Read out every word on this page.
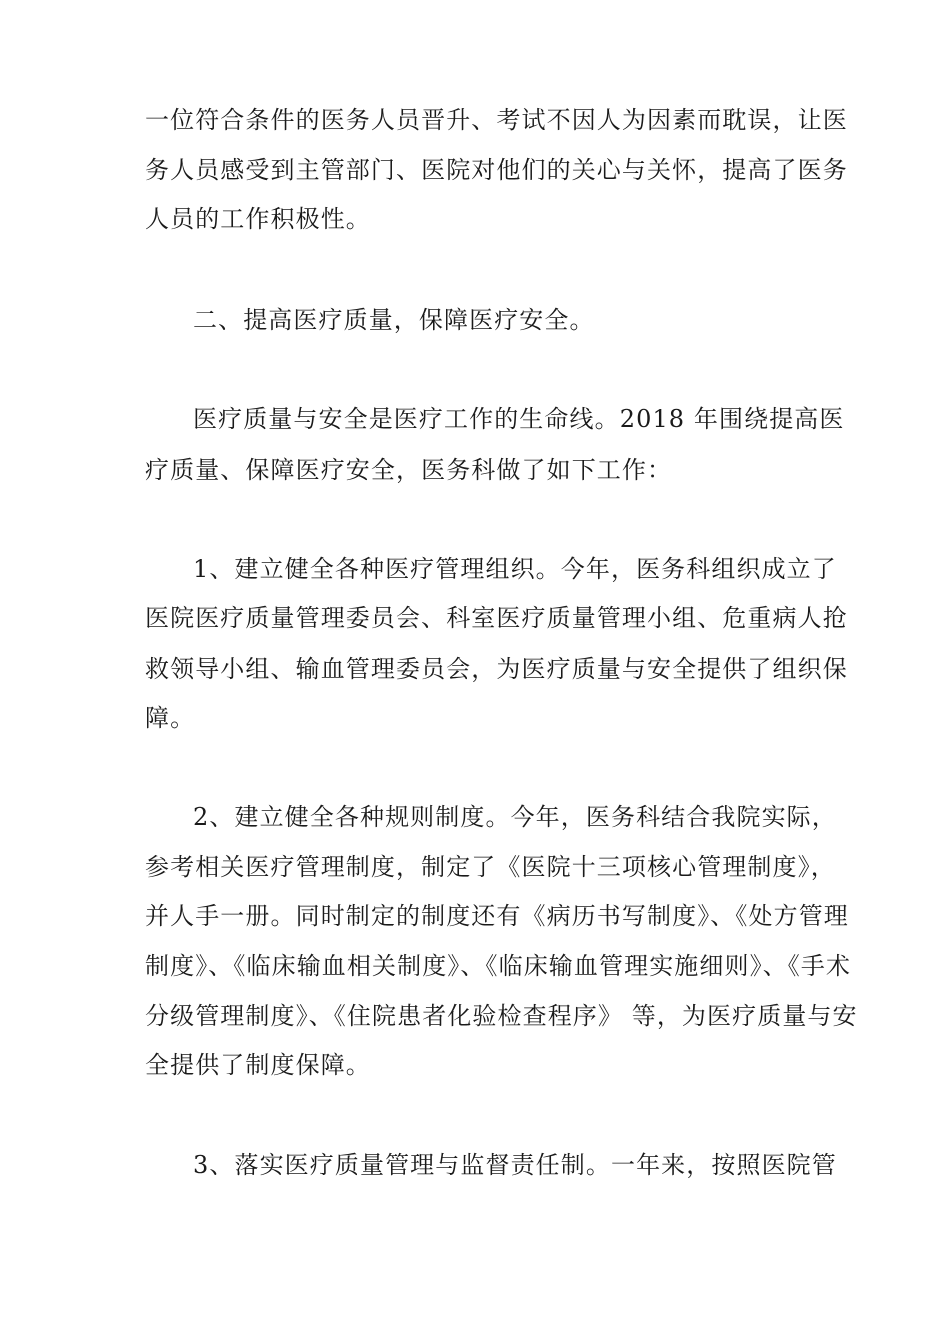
一位符合条件的医务人员晋升、考试不因人为因素而耽误，让医
务人员感受到主管部门、医院对他们的关心与关怀，提高了医务
人员的工作积极性。
二、提高医疗质量，保障医疗安全。
医疗质量与安全是医疗工作的生命线。2018 年围绕提高医
疗质量、保障医疗安全，医务科做了如下工作：
1、建立健全各种医疗管理组织。今年，医务科组织成立了
医院医疗质量管理委员会、科室医疗质量管理小组、危重病人抢
救领导小组、输血管理委员会，为医疗质量与安全提供了组织保
障。
2、建立健全各种规则制度。今年，医务科结合我院实际，
参考相关医疗管理制度，制定了《医院十三项核心管理制度》，
并人手一册。同时制定的制度还有《病历书写制度》、《处方管理
制度》、《临床输血相关制度》、《临床输血管理实施细则》、《手术
分级管理制度》、《住院患者化验检查程序》 等，为医疗质量与安
全提供了制度保障。
3、落实医疗质量管理与监督责任制。一年来，按照医院管
